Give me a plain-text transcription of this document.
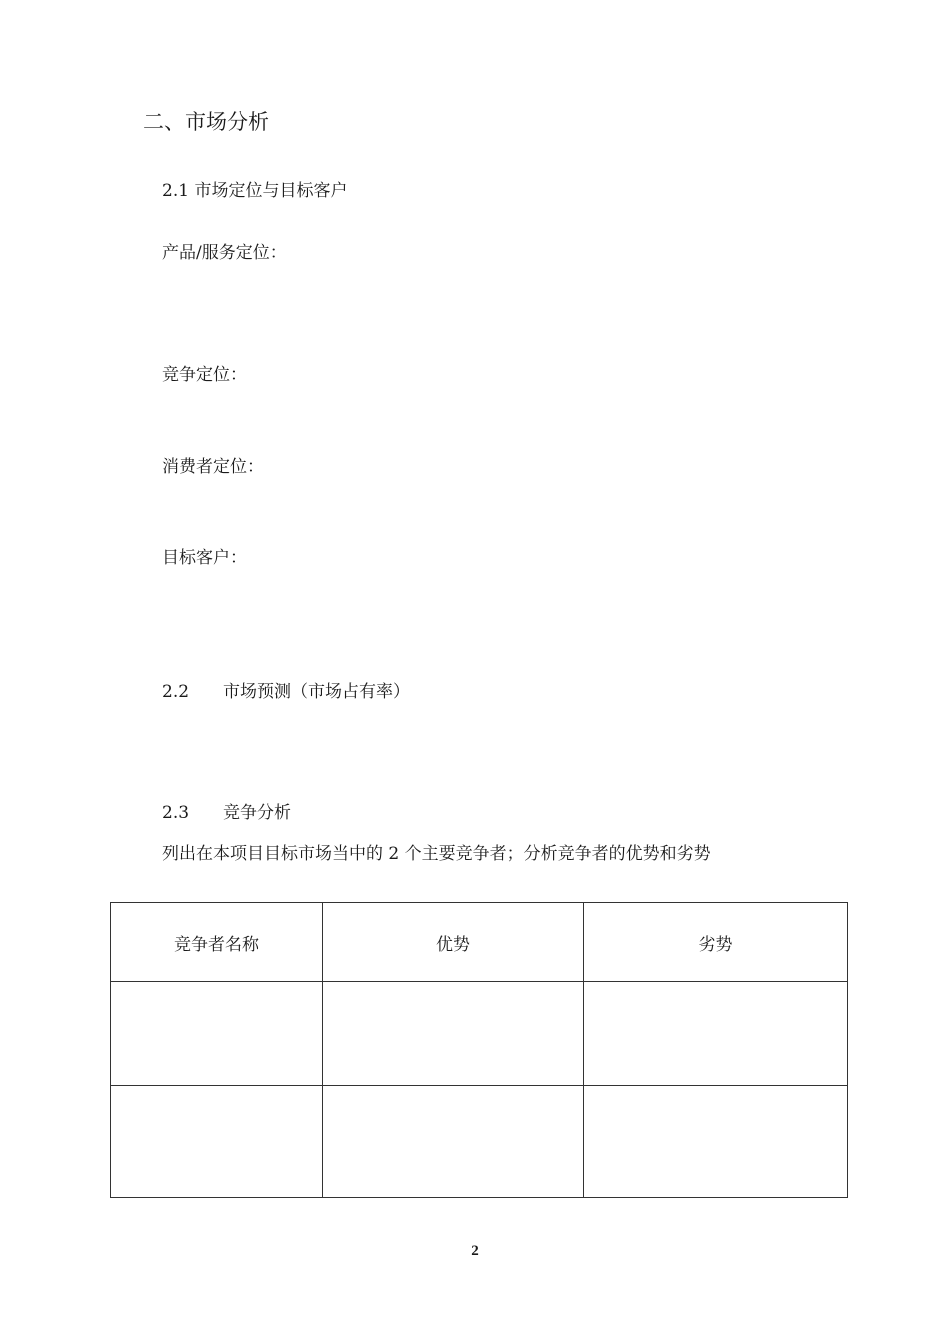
二、市场分析
2.1 市场定位与目标客户
产品/服务定位：
竞争定位：
消费者定位：
目标客户：
2.2 市场预测（市场占有率）
2.3 竞争分析
列出在本项目目标市场当中的 2 个主要竞争者；分析竞争者的优势和劣势
竞争者名称	优势	劣势

2
